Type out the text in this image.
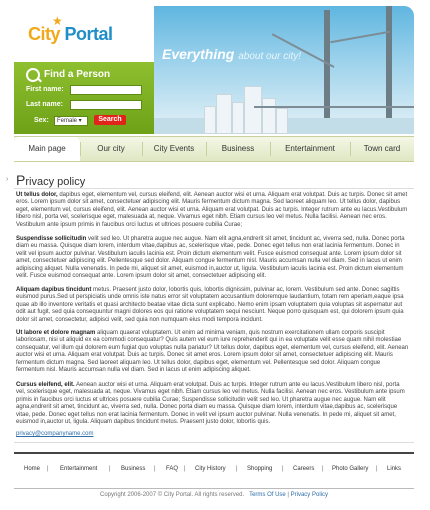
★
City Portal
Everything about our city!
Find a Person
First name:
Last name:
Sex:	Female ▾	Search
Main page	Our city	City Events	Business	Entertainment	Town card
› Privacy policy
Ut tellus dolor, dapibus eget, elementum vel, cursus eleifend, elit. Aenean auctor wisi et urna. Aliquam erat volutpat. Duis ac turpis. Donec sit amet eros. Lorem ipsum dolor sit amet, consectetuer adipiscing elit. Mauris fermentum dictum magna. Sed laoreet aliquam leo. Ut tellus dolor, dapibus eget, elementum vel, cursus eleifend, elit. Aenean auctor wisi et urna. Aliquam erat volutpat. Duis ac turpis. Integer rutrum ante eu lacus.Vestibulum libero nisl, porta vel, scelerisque eget, malesuada at, neque. Vivamus eget nibh. Etiam cursus leo vel metus. Nulla facilisi. Aenean nec eros. Vestibulum ante ipsum primis in faucibus orci luctus et ultrices posuere cubilia Curae;
Suspendisse sollicitudin velit sed leo. Ut pharetra augue nec augue. Nam elit agna,endrerit sit amet, tincidunt ac, viverra sed, nulla. Donec porta diam eu massa. Quisque diam lorem, interdum vitae,dapibus ac, scelerisque vitae, pede. Donec eget tellus non erat lacinia fermentum. Donec in velit vel ipsum auctor pulvinar. Vestibulum iaculis lacinia est. Proin dictum elementum velit. Fusce euismod consequat ante. Lorem ipsum dolor sit amet, consectetuer adipiscing elit. Pellentesque sed dolor. Aliquam congue fermentum nisl. Mauris accumsan nulla vel diam. Sed in lacus ut enim adipiscing aliquet. Nulla venenatis. In pede mi, aliquet sit amet, euismod in,auctor ut, ligula. Vestibulum iaculis lacinia est. Proin dictum elementum velit. Fusce euismod consequat ante. Lorem ipsum dolor sit amet, consectetuer adipiscing elit.
Aliquam dapibus tincidunt metus. Praesent justo dolor, lobortis quis, lobortis dignissim, pulvinar ac, lorem. Vestibulum sed ante. Donec sagittis euismod purus.Sed ut perspiciatis unde omnis iste natus error sit voluptatem accusantium doloremque laudantium, totam rem aperiam,eaque ipsa quae ab illo inventore veritatis et quasi architecto beatae vitae dicta sunt explicabo. Nemo enim ipsam voluptatem quia voluptas sit aspernatur aut odit aut fugit, sed quia consequuntur magni dolores eos qui ratione voluptatem sequi nesciunt. Neque porro quisquam est, qui dolorem ipsum quia dolor sit amet, consectetur, adipisci velit, sed quia non numquam eius modi tempora incidunt.
Ut labore et dolore magnam aliquam quaerat voluptatem. Ut enim ad minima veniam, quis nostrum exercitationem ullam corporis suscipit laboriosam, nisi ut aliquid ex ea commodi consequatur? Quis autem vel eum iure reprehenderit qui in ea voluptate velit esse quam nihil molestiae consequatur, vel illum qui dolorem eum fugiat quo voluptas nulla pariatur? Ut tellus dolor, dapibus eget, elementum vel, cursus eleifend, elit. Aenean auctor wisi et urna. Aliquam erat volutpat. Duis ac turpis. Donec sit amet eros. Lorem ipsum dolor sit amet, consectetuer adipiscing elit. Mauris fermentum dictum magna. Sed laoreet aliquam leo. Ut tellus dolor, dapibus eget, elementum vel. Pellentesque sed dolor. Aliquam congue fermentum nisl. Mauris accumsan nulla vel diam. Sed in lacus ut enim adipiscing aliquet.
Cursus eleifend, elit. Aenean auctor wisi et urna. Aliquam erat volutpat. Duis ac turpis. Integer rutrum ante eu lacus.Vestibulum libero nisl, porta vel, scelerisque eget, malesuada at, neque. Vivamus eget nibh. Etiam cursus leo vel metus. Nulla facilisi. Aenean nec eros. Vestibulum ante ipsum primis in faucibus orci luctus et ultrices posuere cubilia Curae; Suspendisse sollicitudin velit sed leo. Ut pharetra augue nec augue. Nam elit agna,endrerit sit amet, tincidunt ac, viverra sed, nulla. Donec porta diam eu massa. Quisque diam lorem, interdum vitae,dapibus ac, scelerisque vitae, pede. Donec eget tellus non erat lacinia fermentum. Donec in velit vel ipsum auctor pulvinar. Nulla venenatis. In pede mi, aliquet sit amet, euismod in,auctor ut, ligula. Aliquam dapibus tincidunt metus. Praesent justo dolor, lobortis quis.
privacy@companyname.com
Home | Entertainment | Business | FAQ | City History | Shopping | Careers | Photo Gallery | Links
Copyright 2006-2007 © City Portal. All rights reserved. Terms Of Use | Privacy Policy
